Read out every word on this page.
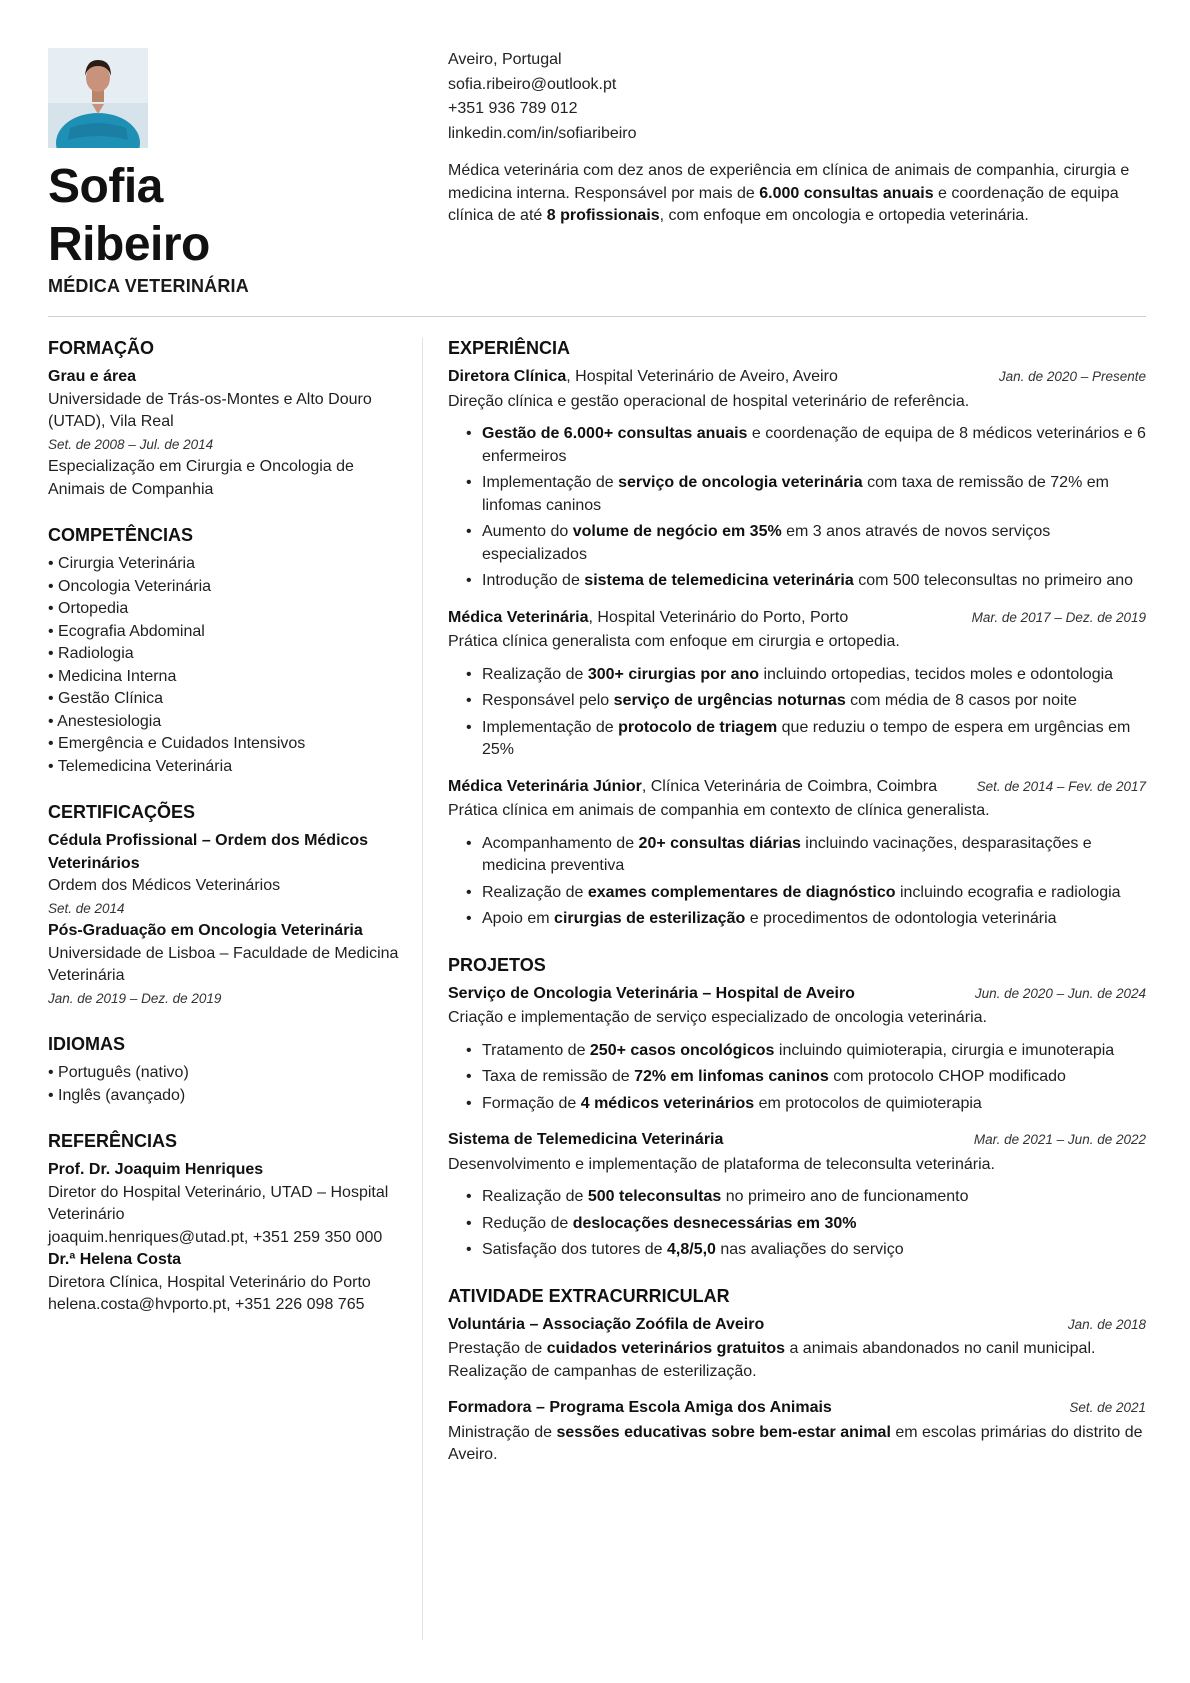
Sofia
Ribeiro
MÉDICA VETERINÁRIA
Aveiro, Portugal
sofia.ribeiro@outlook.pt
+351 936 789 012
linkedin.com/in/sofiaribeiro
Médica veterinária com dez anos de experiência em clínica de animais de companhia, cirurgia e medicina interna. Responsável por mais de 6.000 consultas anuais e coordenação de equipa clínica de até 8 profissionais, com enfoque em oncologia e ortopedia veterinária.
FORMAÇÃO
Grau e área
Universidade de Trás-os-Montes e Alto Douro (UTAD), Vila Real
Set. de 2008 – Jul. de 2014
Especialização em Cirurgia e Oncologia de Animais de Companhia
COMPETÊNCIAS
• Cirurgia Veterinária
• Oncologia Veterinária
• Ortopedia
• Ecografia Abdominal
• Radiologia
• Medicina Interna
• Gestão Clínica
• Anestesiologia
• Emergência e Cuidados Intensivos
• Telemedicina Veterinária
CERTIFICAÇÕES
Cédula Profissional – Ordem dos Médicos Veterinários
Ordem dos Médicos Veterinários
Set. de 2014
Pós-Graduação em Oncologia Veterinária
Universidade de Lisboa – Faculdade de Medicina Veterinária
Jan. de 2019 – Dez. de 2019
IDIOMAS
• Português (nativo)
• Inglês (avançado)
REFERÊNCIAS
Prof. Dr. Joaquim Henriques
Diretor do Hospital Veterinário, UTAD – Hospital Veterinário
joaquim.henriques@utad.pt, +351 259 350 000
Dr.ª Helena Costa
Diretora Clínica, Hospital Veterinário do Porto
helena.costa@hvporto.pt, +351 226 098 765
EXPERIÊNCIA
Diretora Clínica, Hospital Veterinário de Aveiro, Aveiro	Jan. de 2020 – Presente
Direção clínica e gestão operacional de hospital veterinário de referência.
• Gestão de 6.000+ consultas anuais e coordenação de equipa de 8 médicos veterinários e 6 enfermeiros
• Implementação de serviço de oncologia veterinária com taxa de remissão de 72% em linfomas caninos
• Aumento do volume de negócio em 35% em 3 anos através de novos serviços especializados
• Introdução de sistema de telemedicina veterinária com 500 teleconsultas no primeiro ano
Médica Veterinária, Hospital Veterinário do Porto, Porto	Mar. de 2017 – Dez. de 2019
Prática clínica generalista com enfoque em cirurgia e ortopedia.
• Realização de 300+ cirurgias por ano incluindo ortopedias, tecidos moles e odontologia
• Responsável pelo serviço de urgências noturnas com média de 8 casos por noite
• Implementação de protocolo de triagem que reduziu o tempo de espera em urgências em 25%
Médica Veterinária Júnior, Clínica Veterinária de Coimbra, Coimbra	Set. de 2014 – Fev. de 2017
Prática clínica em animais de companhia em contexto de clínica generalista.
• Acompanhamento de 20+ consultas diárias incluindo vacinações, desparasitações e medicina preventiva
• Realização de exames complementares de diagnóstico incluindo ecografia e radiologia
• Apoio em cirurgias de esterilização e procedimentos de odontologia veterinária
PROJETOS
Serviço de Oncologia Veterinária – Hospital de Aveiro	Jun. de 2020 – Jun. de 2024
Criação e implementação de serviço especializado de oncologia veterinária.
• Tratamento de 250+ casos oncológicos incluindo quimioterapia, cirurgia e imunoterapia
• Taxa de remissão de 72% em linfomas caninos com protocolo CHOP modificado
• Formação de 4 médicos veterinários em protocolos de quimioterapia
Sistema de Telemedicina Veterinária	Mar. de 2021 – Jun. de 2022
Desenvolvimento e implementação de plataforma de teleconsulta veterinária.
• Realização de 500 teleconsultas no primeiro ano de funcionamento
• Redução de deslocações desnecessárias em 30%
• Satisfação dos tutores de 4,8/5,0 nas avaliações do serviço
ATIVIDADE EXTRACURRICULAR
Voluntária – Associação Zoófila de Aveiro	Jan. de 2018
Prestação de cuidados veterinários gratuitos a animais abandonados no canil municipal. Realização de campanhas de esterilização.
Formadora – Programa Escola Amiga dos Animais	Set. de 2021
Ministração de sessões educativas sobre bem-estar animal em escolas primárias do distrito de Aveiro.
